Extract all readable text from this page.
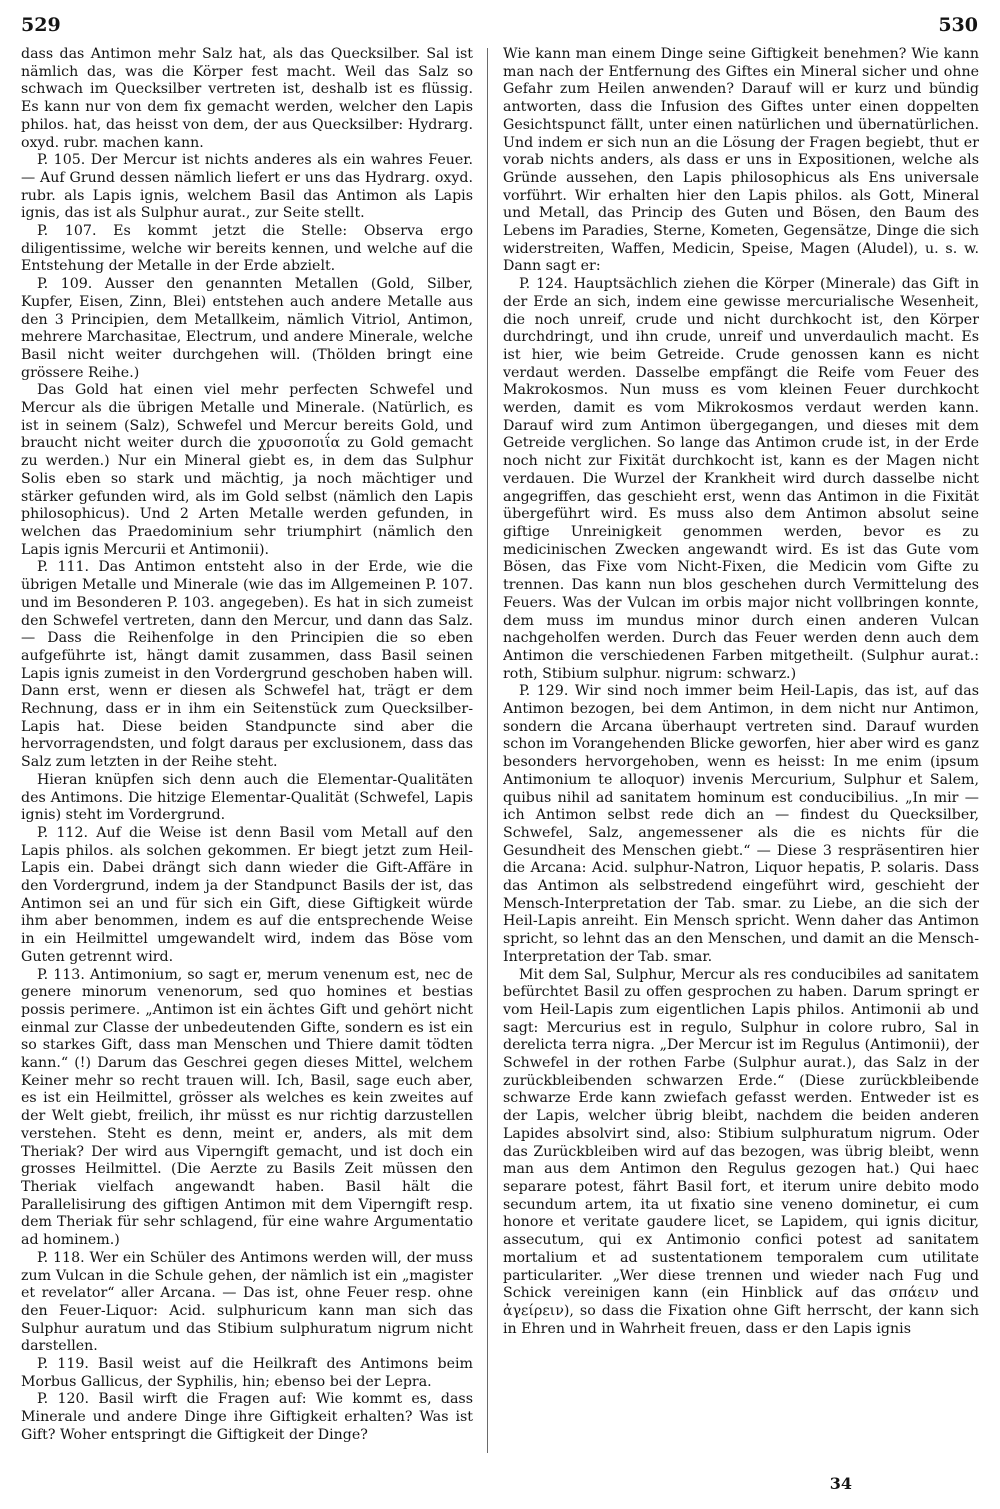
529	530

dass das Antimon mehr Salz hat, als das Quecksilber. Sal ist nämlich das, was die Körper fest macht. Weil das Salz so schwach im Quecksilber vertreten ist, deshalb ist es flüssig. Es kann nur von dem fix gemacht werden, welcher den Lapis philos. hat, das heisst von dem, der aus Quecksilber: Hydrarg. oxyd. rubr. machen kann.

P. 105. Der Mercur ist nichts anderes als ein wahres Feuer. — Auf Grund dessen nämlich liefert er uns das Hydrarg. oxyd. rubr. als Lapis ignis, welchem Basil das Antimon als Lapis ignis, das ist als Sulphur aurat., zur Seite stellt.

P. 107. Es kommt jetzt die Stelle: Observa ergo diligentissime, welche wir bereits kennen, und welche auf die Entstehung der Metalle in der Erde abzielt.

P. 109. Ausser den genannten Metallen (Gold, Silber, Kupfer, Eisen, Zinn, Blei) entstehen auch andere Metalle aus den 3 Principien, dem Metallkeim, nämlich Vitriol, Antimon, mehrere Marchasitae, Electrum, und andere Minerale, welche Basil nicht weiter durchgehen will. (Thölden bringt eine grössere Reihe.)

Das Gold hat einen viel mehr perfecten Schwefel und Mercur als die übrigen Metalle und Minerale. (Natürlich, es ist in seinem (Salz), Schwefel und Mercur bereits Gold, und braucht nicht weiter durch die χρυσοποιΐα zu Gold gemacht zu werden.) Nur ein Mineral giebt es, in dem das Sulphur Solis eben so stark und mächtig, ja noch mächtiger und stärker gefunden wird, als im Gold selbst (nämlich den Lapis philosophicus). Und 2 Arten Metalle werden gefunden, in welchen das Praedominium sehr triumphirt (nämlich den Lapis ignis Mercurii et Antimonii).

P. 111. Das Antimon entsteht also in der Erde, wie die übrigen Metalle und Minerale (wie das im Allgemeinen P. 107. und im Besonderen P. 103. angegeben). Es hat in sich zumeist den Schwefel vertreten, dann den Mercur, und dann das Salz. — Dass die Reihenfolge in den Principien die so eben aufgeführte ist, hängt damit zusammen, dass Basil seinen Lapis ignis zumeist in den Vordergrund geschoben haben will. Dann erst, wenn er diesen als Schwefel hat, trägt er dem Rechnung, dass er in ihm ein Seitenstück zum Quecksilber-Lapis hat. Diese beiden Standpuncte sind aber die hervorragendsten, und folgt daraus per exclusionem, dass das Salz zum letzten in der Reihe steht.

Hieran knüpfen sich denn auch die Elementar-Qualitäten des Antimons. Die hitzige Elementar-Qualität (Schwefel, Lapis ignis) steht im Vordergrund.

P. 112. Auf die Weise ist denn Basil vom Metall auf den Lapis philos. als solchen gekommen. Er biegt jetzt zum Heil-Lapis ein. Dabei drängt sich dann wieder die Gift-Affäre in den Vordergrund, indem ja der Standpunct Basils der ist, das Antimon sei an und für sich ein Gift, diese Giftigkeit würde ihm aber benommen, indem es auf die entsprechende Weise in ein Heilmittel umgewandelt wird, indem das Böse vom Guten getrennt wird.

P. 113. Antimonium, so sagt er, merum venenum est, nec de genere minorum venenorum, sed quo homines et bestias possis perimere. „Antimon ist ein ächtes Gift und gehört nicht einmal zur Classe der unbedeutenden Gifte, sondern es ist ein so starkes Gift, dass man Menschen und Thiere damit tödten kann.“ (!) Darum das Geschrei gegen dieses Mittel, welchem Keiner mehr so recht trauen will. Ich, Basil, sage euch aber, es ist ein Heilmittel, grösser als welches es kein zweites auf der Welt giebt, freilich, ihr müsst es nur richtig darzustellen verstehen. Steht es denn, meint er, anders, als mit dem Theriak? Der wird aus Viperngift gemacht, und ist doch ein grosses Heilmittel. (Die Aerzte zu Basils Zeit müssen den Theriak vielfach angewandt haben. Basil hält die Parallelisirung des giftigen Antimon mit dem Viperngift resp. dem Theriak für sehr schlagend, für eine wahre Argumentatio ad hominem.)

P. 118. Wer ein Schüler des Antimons werden will, der muss zum Vulcan in die Schule gehen, der nämlich ist ein „magister et revelator“ aller Arcana. — Das ist, ohne Feuer resp. ohne den Feuer-Liquor: Acid. sulphuricum kann man sich das Sulphur auratum und das Stibium sulphuratum nigrum nicht darstellen.

P. 119. Basil weist auf die Heilkraft des Antimons beim Morbus Gallicus, der Syphilis, hin; ebenso bei der Lepra.

P. 120. Basil wirft die Fragen auf: Wie kommt es, dass Minerale und andere Dinge ihre Giftigkeit erhalten? Was ist Gift? Woher entspringt die Giftigkeit der Dinge?

Wie kann man einem Dinge seine Giftigkeit benehmen? Wie kann man nach der Entfernung des Giftes ein Mineral sicher und ohne Gefahr zum Heilen anwenden? Darauf will er kurz und bündig antworten, dass die Infusion des Giftes unter einen doppelten Gesichtspunct fällt, unter einen natürlichen und übernatürlichen. Und indem er sich nun an die Lösung der Fragen begiebt, thut er vorab nichts anders, als dass er uns in Expositionen, welche als Gründe aussehen, den Lapis philosophicus als Ens universale vorführt. Wir erhalten hier den Lapis philos. als Gott, Mineral und Metall, das Princip des Guten und Bösen, den Baum des Lebens im Paradies, Sterne, Kometen, Gegensätze, Dinge die sich widerstreiten, Waffen, Medicin, Speise, Magen (Aludel), u. s. w. Dann sagt er:

P. 124. Hauptsächlich ziehen die Körper (Minerale) das Gift in der Erde an sich, indem eine gewisse mercurialische Wesenheit, die noch unreif, crude und nicht durchkocht ist, den Körper durchdringt, und ihn crude, unreif und unverdaulich macht. Es ist hier, wie beim Getreide. Crude genossen kann es nicht verdaut werden. Dasselbe empfängt die Reife vom Feuer des Makrokosmos. Nun muss es vom kleinen Feuer durchkocht werden, damit es vom Mikrokosmos verdaut werden kann. Darauf wird zum Antimon übergegangen, und dieses mit dem Getreide verglichen. So lange das Antimon crude ist, in der Erde noch nicht zur Fixität durchkocht ist, kann es der Magen nicht verdauen. Die Wurzel der Krankheit wird durch dasselbe nicht angegriffen, das geschieht erst, wenn das Antimon in die Fixität übergeführt wird. Es muss also dem Antimon absolut seine giftige Unreinigkeit genommen werden, bevor es zu medicinischen Zwecken angewandt wird. Es ist das Gute vom Bösen, das Fixe vom Nicht-Fixen, die Medicin vom Gifte zu trennen. Das kann nun blos geschehen durch Vermittelung des Feuers. Was der Vulcan im orbis major nicht vollbringen konnte, dem muss im mundus minor durch einen anderen Vulcan nachgeholfen werden. Durch das Feuer werden denn auch dem Antimon die verschiedenen Farben mitgetheilt. (Sulphur aurat.: roth, Stibium sulphur. nigrum: schwarz.)

P. 129. Wir sind noch immer beim Heil-Lapis, das ist, auf das Antimon bezogen, bei dem Antimon, in dem nicht nur Antimon, sondern die Arcana überhaupt vertreten sind. Darauf wurden schon im Vorangehenden Blicke geworfen, hier aber wird es ganz besonders hervorgehoben, wenn es heisst: In me enim (ipsum Antimonium te alloquor) invenis Mercurium, Sulphur et Salem, quibus nihil ad sanitatem hominum est conducibilius. „In mir — ich Antimon selbst rede dich an — findest du Quecksilber, Schwefel, Salz, angemessener als die es nichts für die Gesundheit des Menschen giebt.“ — Diese 3 respräsentiren hier die Arcana: Acid. sulphur-Natron, Liquor hepatis, P. solaris. Dass das Antimon als selbstredend eingeführt wird, geschieht der Mensch-Interpretation der Tab. smar. zu Liebe, an die sich der Heil-Lapis anreiht. Ein Mensch spricht. Wenn daher das Antimon spricht, so lehnt das an den Menschen, und damit an die Mensch-Interpretation der Tab. smar.

Mit dem Sal, Sulphur, Mercur als res conducibiles ad sanitatem befürchtet Basil zu offen gesprochen zu haben. Darum springt er vom Heil-Lapis zum eigentlichen Lapis philos. Antimonii ab und sagt: Mercurius est in regulo, Sulphur in colore rubro, Sal in derelicta terra nigra. „Der Mercur ist im Regulus (Antimonii), der Schwefel in der rothen Farbe (Sulphur aurat.), das Salz in der zurückbleibenden schwarzen Erde.“ (Diese zurückbleibende schwarze Erde kann zwiefach gefasst werden. Entweder ist es der Lapis, welcher übrig bleibt, nachdem die beiden anderen Lapides absolvirt sind, also: Stibium sulphuratum nigrum. Oder das Zurückbleiben wird auf das bezogen, was übrig bleibt, wenn man aus dem Antimon den Regulus gezogen hat.) Qui haec separare potest, fährt Basil fort, et iterum unire debito modo secundum artem, ita ut fixatio sine veneno dominetur, ei cum honore et veritate gaudere licet, se Lapidem, qui ignis dicitur, assecutum, qui ex Antimonio confici potest ad sanitatem mortalium et ad sustentationem temporalem cum utilitate particulariter. „Wer diese trennen und wieder nach Fug und Schick vereinigen kann (ein Hinblick auf das σπάειν und ἀγείρειν), so dass die Fixation ohne Gift herrscht, der kann sich in Ehren und in Wahrheit freuen, dass er den Lapis ignis

34
